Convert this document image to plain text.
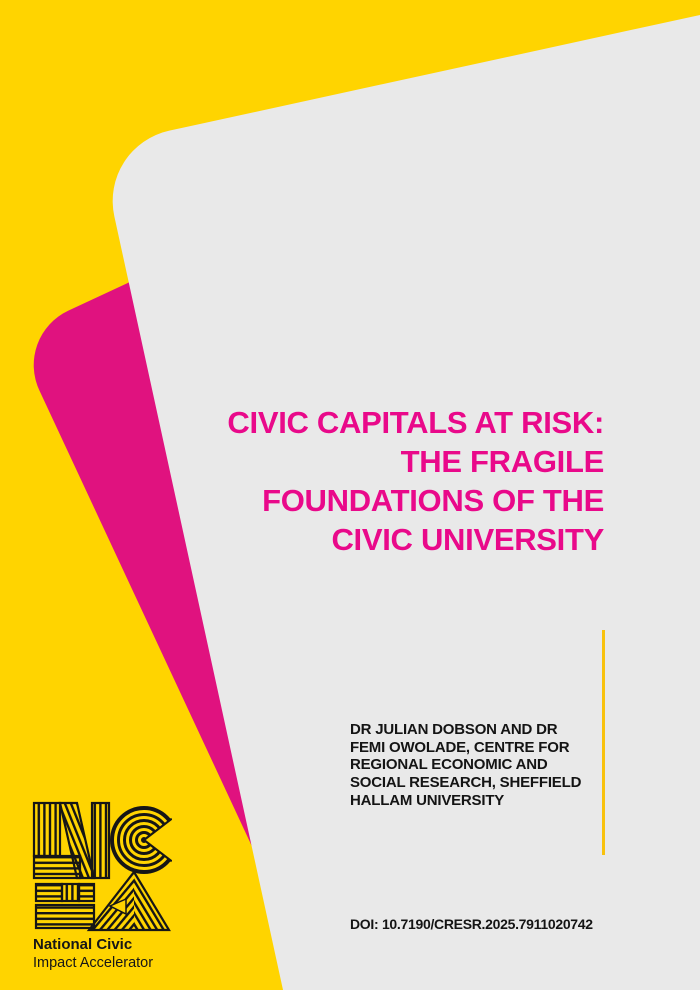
CIVIC CAPITALS AT RISK:
THE FRAGILE
FOUNDATIONS OF THE
CIVIC UNIVERSITY
DR JULIAN DOBSON AND DR
FEMI OWOLADE, CENTRE FOR
REGIONAL ECONOMIC AND
SOCIAL RESEARCH, SHEFFIELD
HALLAM UNIVERSITY
DOI: 10.7190/CRESR.2025.7911020742
National Civic
Impact Accelerator
